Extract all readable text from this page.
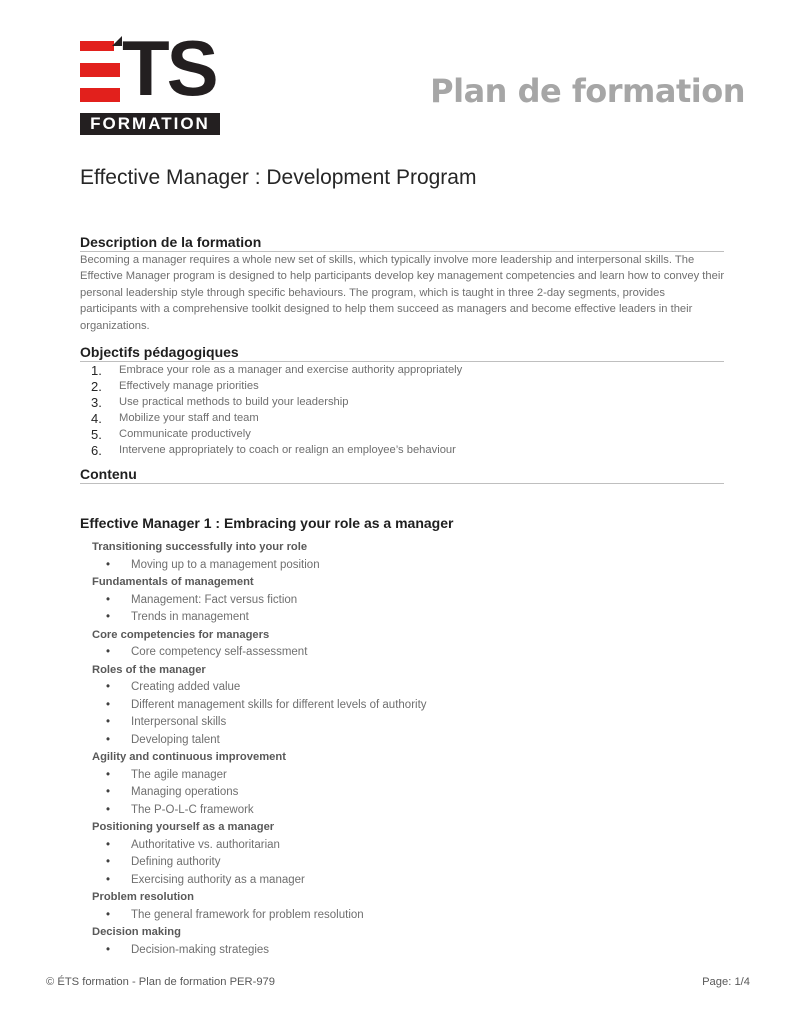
TS
FORMATION
Plan de formation
Effective Manager : Development Program
Description de la formation
Becoming a manager requires a whole new set of skills, which typically involve more leadership and interpersonal skills. The Effective Manager program is designed to help participants develop key management competencies and learn how to convey their personal leadership style through specific behaviours. The program, which is taught in three 2-day segments, provides participants with a comprehensive toolkit designed to help them succeed as managers and become effective leaders in their organizations.
Objectifs pédagogiques
1.	Embrace your role as a manager and exercise authority appropriately
2.	Effectively manage priorities
3.	Use practical methods to build your leadership
4.	Mobilize your staff and team
5.	Communicate productively
6.	Intervene appropriately to coach or realign an employee’s behaviour
Contenu
Effective Manager 1 : Embracing your role as a manager
Transitioning successfully into your role
•	Moving up to a management position
Fundamentals of management
•	Management: Fact versus fiction
•	Trends in management
Core competencies for managers
•	Core competency self-assessment
Roles of the manager
•	Creating added value
•	Different management skills for different levels of authority
•	Interpersonal skills
•	Developing talent
Agility and continuous improvement
•	The agile manager
•	Managing operations
•	The P-O-L-C framework
Positioning yourself as a manager
•	Authoritative vs. authoritarian
•	Defining authority
•	Exercising authority as a manager
Problem resolution
•	The general framework for problem resolution
Decision making
•	Decision-making strategies
© ÉTS formation - Plan de formation PER-979	Page: 1/4
